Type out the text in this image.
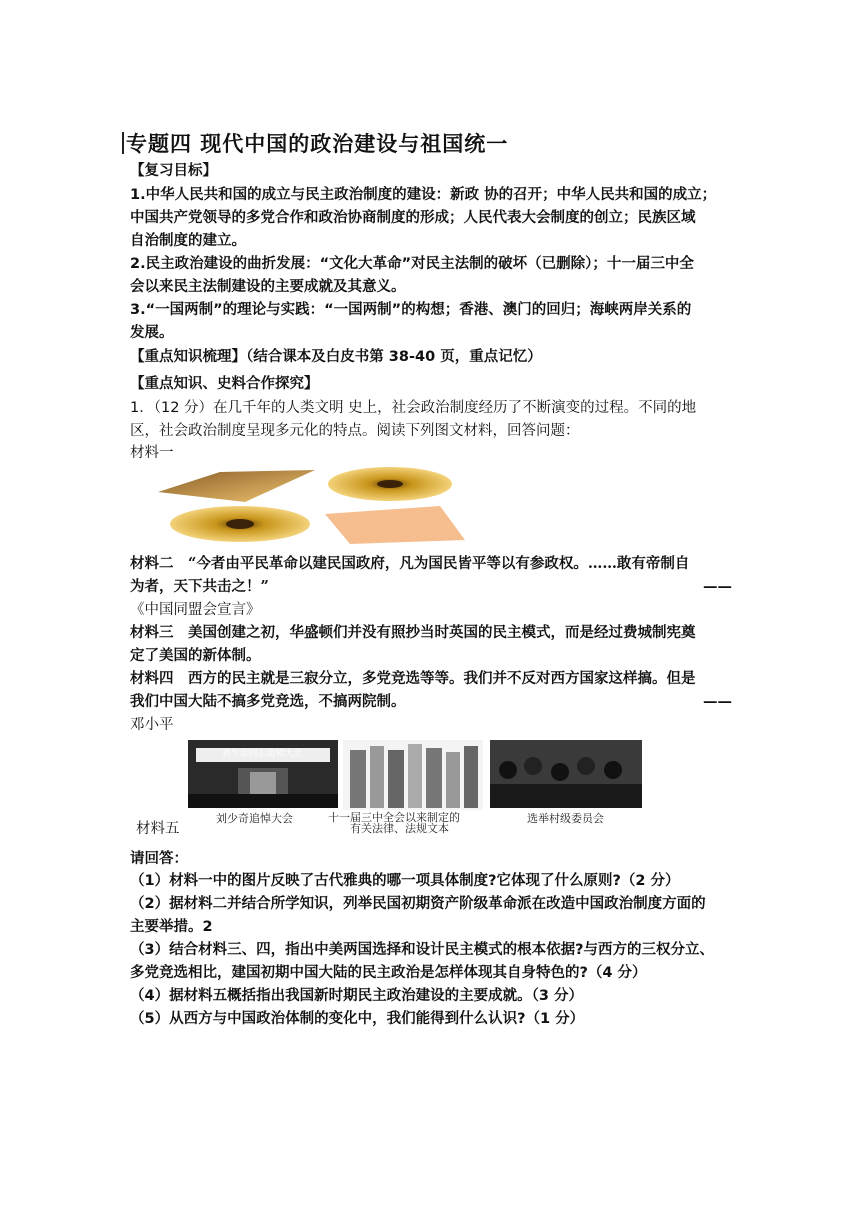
专题四 现代中国的政治建设与祖国统一
【复习目标】
1.中华人民共和国的成立与民主政治制度的建设：新政 协的召开；中华人民共和国的成立；
中国共产党领导的多党合作和政治协商制度的形成；人民代表大会制度的创立；民族区域
自治制度的建立。
2.民主政治建设的曲折发展：“文化大革命”对民主法制的破坏（已删除）；十一届三中全
会以来民主法制建设的主要成就及其意义。
3.“一国两制”的理论与实践：“一国两制”的构想；香港、澳门的回归；海峡两岸关系的
发展。
【重点知识梳理】（结合课本及白皮书第 38-40 页，重点记忆）
【重点知识、史料合作探究】
1．（12 分）在几千年的人类文明 史上，社会政治制度经历了不断演变的过程。不同的地
区，社会政治制度呈现多元化的特点。阅读下列图文材料，回答问题：
材料一
材料二　“今者由平民革命以建民国政府，凡为国民皆平等以有参政权。……敢有帝制自
为者，天下共击之！”	——
《中国同盟会宣言》
材料三　美国创建之初，华盛顿们并没有照抄当时英国的民主模式，而是经过费城制宪奠
定了美国的新体制。
材料四　西方的民主就是三寂分立，多党竞选等等。我们并不反对西方国家这样搞。但是
我们中国大陆不搞多党竞选，不搞两院制。	——
邓小平
刘少奇同志追悼大会
刘少奇追悼大会	十一届三中全会以来制定的
有关法律、法规文本
选举村级委员会
材料五
请回答：
（1）材料一中的图片反映了古代雅典的哪一项具体制度?它体现了什么原则?（2 分）
（2）据材料二并结合所学知识，列举民国初期资产阶级革命派在改造中国政治制度方面的
主要举措。2
（3）结合材料三、四，指出中美两国选择和设计民主模式的根本依据?与西方的三权分立、
多党竞选相比，建国初期中国大陆的民主政治是怎样体现其自身特色的?（4 分）
（4）据材料五概括指出我国新时期民主政治建设的主要成就。（3 分）
（5）从西方与中国政治体制的变化中，我们能得到什么认识?（1 分）
